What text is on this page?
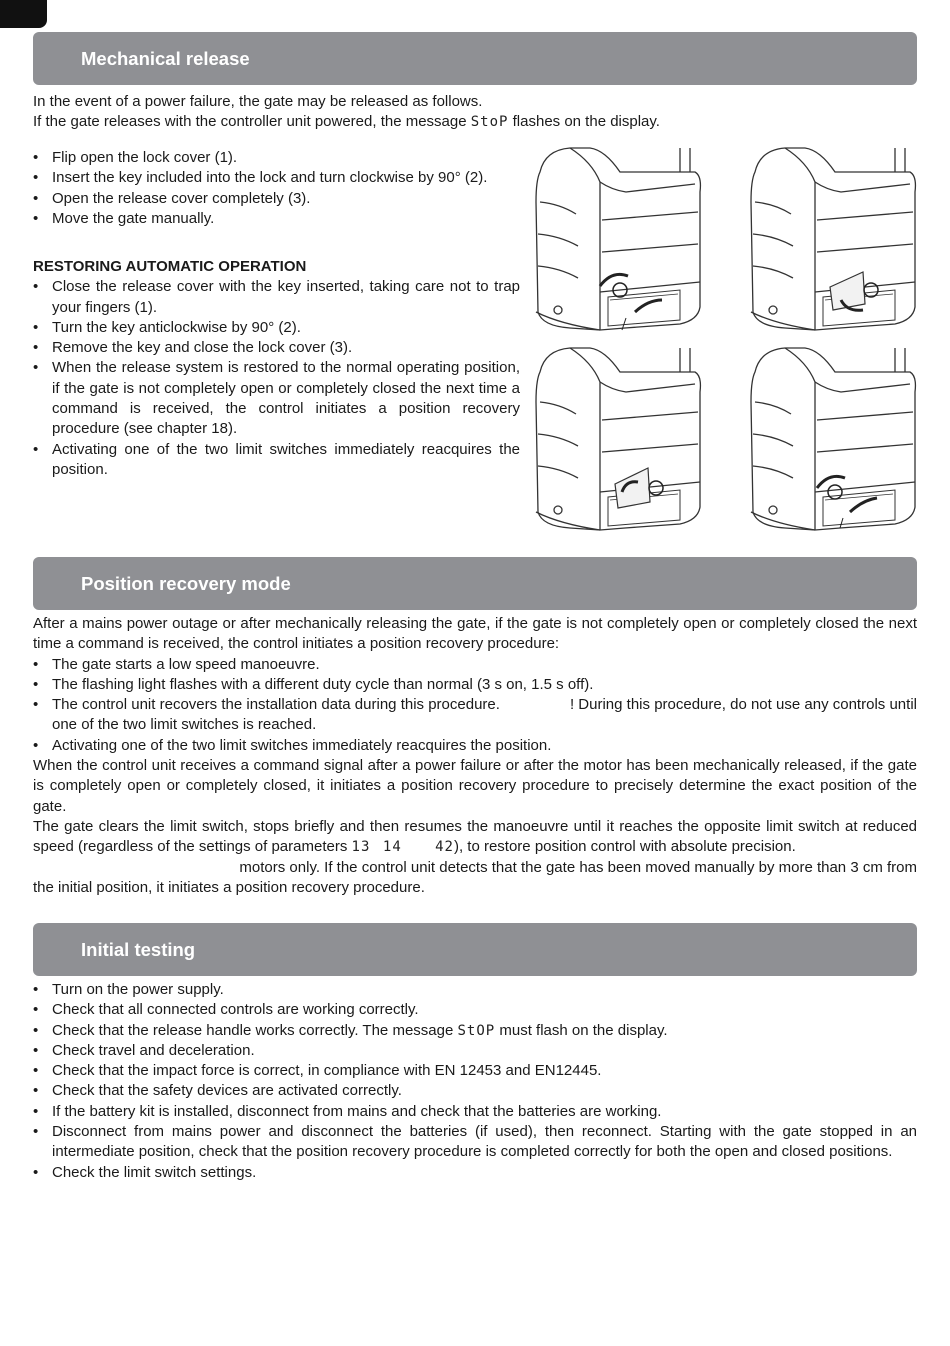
Mechanical release

In the event of a power failure, the gate may be released as follows.

If the gate releases with the controller unit powered, the message StoP flashes on the display.

• Flip open the lock cover (1).
• Insert the key included into the lock and turn clockwise by 90° (2).
• Open the release cover completely (3).
• Move the gate manually.

RESTORING AUTOMATIC OPERATION

• Close the release cover with the key inserted, taking care not to trap your fingers (1).
• Turn the key anticlockwise by 90° (2).
• Remove the key and close the lock cover (3).
• When the release system is restored to the normal operating position, if the gate is not completely open or completely closed the next time a command is received, the control initiates a position recovery procedure (see chapter 18).
• Activating one of the two limit switches immediately reacquires the position.
Position recovery mode

After a mains power outage or after mechanically releasing the gate, if the gate is not completely open or completely closed the next time a command is received, the control initiates a position recovery procedure:

• The gate starts a low speed manoeuvre.
• The flashing light flashes with a different duty cycle than normal (3 s on, 1.5 s off).
• The control unit recovers the installation data during this procedure.	! During this procedure, do not use any controls until one of the two limit switches is reached.
• Activating one of the two limit switches immediately reacquires the position.

When the control unit receives a command signal after a power failure or after the motor has been mechanically released, if the gate is completely open or completely closed, it initiates a position recovery procedure to precisely determine the exact position of the gate.

The gate clears the limit switch, stops briefly and then resumes the manoeuvre until it reaches the opposite limit switch at reduced speed (regardless of the settings of parameters 13 14 42), to restore position control with absolute precision.

motors only. If the control unit detects that the gate has been moved manually by more than 3 cm from

the initial position, it initiates a position recovery procedure.

Initial testing
• Turn on the power supply.
• Check that all connected controls are working correctly.
• Check that the release handle works correctly. The message StOP must flash on the display.
• Check travel and deceleration.
• Check that the impact force is correct, in compliance with EN 12453 and EN12445.
• Check that the safety devices are activated correctly.
• If the battery kit is installed, disconnect from mains and check that the batteries are working.
• Disconnect from mains power and disconnect the batteries (if used), then reconnect. Starting with the gate stopped in an intermediate position, check that the position recovery procedure is completed correctly for both the open and closed positions.
• Check the limit switch settings.
